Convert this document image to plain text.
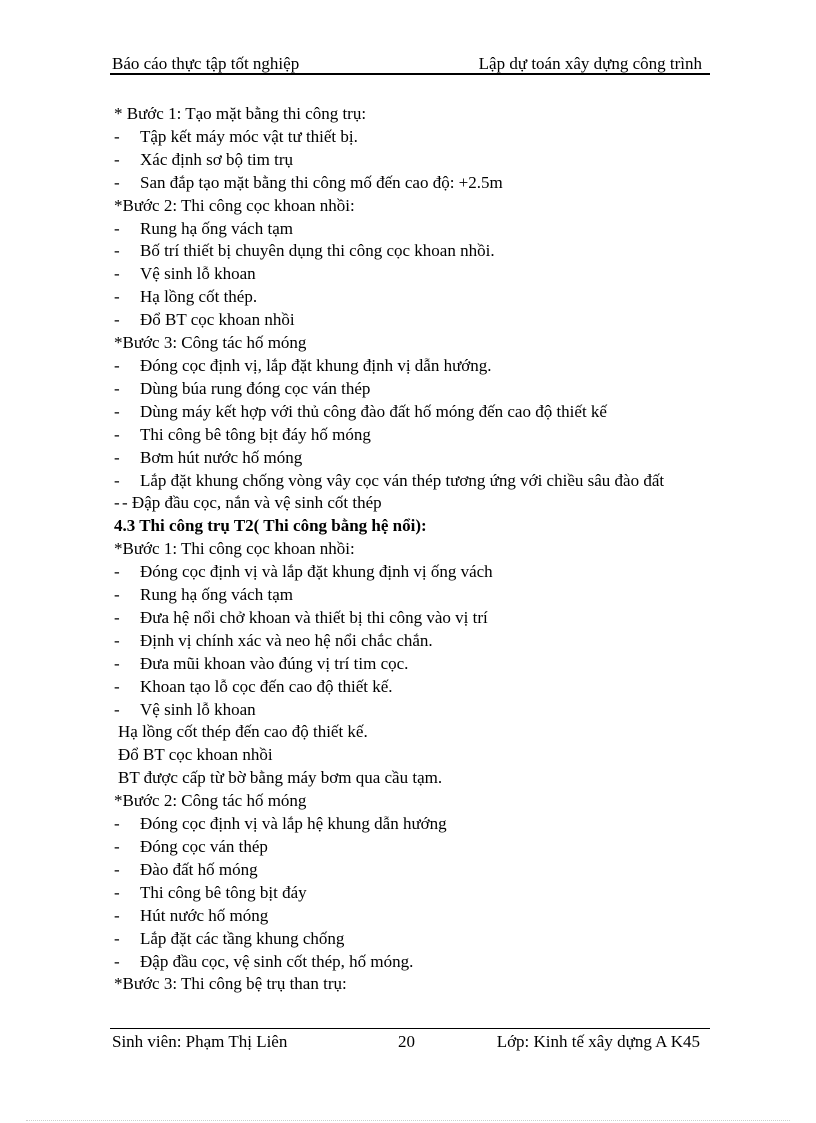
Báo cáo thực tập tốt nghiệp	Lập dự toán xây dựng công trình
* Bước 1: Tạo mặt bằng thi công trụ:
- Tập kết máy móc vật tư thiết bị.
- Xác định sơ bộ tim trụ
- San đắp tạo mặt bằng thi công mố đến cao độ: +2.5m
*Bước 2: Thi công cọc khoan nhồi:
- Rung hạ ống vách tạm
- Bố trí thiết bị chuyên dụng thi công cọc khoan nhồi.
- Vệ sinh lỗ khoan
- Hạ lồng cốt thép.
- Đổ BT cọc khoan nhồi
*Bước 3: Công tác hố móng
- Đóng cọc định vị, lắp đặt khung định vị dẫn hướng.
- Dùng búa rung đóng cọc ván thép
- Dùng máy kết hợp với thủ công đào đất hố móng đến cao độ thiết kế
- Thi công bê tông bịt đáy hố móng
- Bơm hút nước hố móng
- Lắp đặt khung chống vòng vây cọc ván thép tương ứng với chiều sâu đào đất
- - Đập đầu cọc, nắn và vệ sinh cốt thép
4.3 Thi công trụ T2( Thi công bằng hệ nổi):
*Bước 1: Thi công cọc khoan nhồi:
- Đóng cọc định vị và lắp đặt khung định vị ống vách
- Rung hạ ống vách tạm
- Đưa hệ nổi chở khoan và thiết bị thi công vào vị trí
- Định vị chính xác và neo hệ nổi chắc chắn.
- Đưa mũi khoan vào đúng vị trí tim cọc.
- Khoan tạo lỗ cọc đến cao độ thiết kế.
- Vệ sinh lỗ khoan
Hạ lồng cốt thép đến cao độ thiết kế.
Đổ BT cọc khoan nhồi
BT được cấp từ bờ bằng máy bơm qua cầu tạm.
*Bước 2: Công tác hố móng
- Đóng cọc định vị và lắp hệ khung dẫn hướng
- Đóng cọc ván thép
- Đào đất hố móng
- Thi công bê tông bịt đáy
- Hút nước hố móng
- Lắp đặt các tầng khung chống
- Đập đầu cọc, vệ sinh cốt thép, hố móng.
*Bước 3: Thi công bệ trụ than trụ:
Sinh viên: Phạm Thị Liên	20	Lớp: Kinh tế xây dựng A K45
